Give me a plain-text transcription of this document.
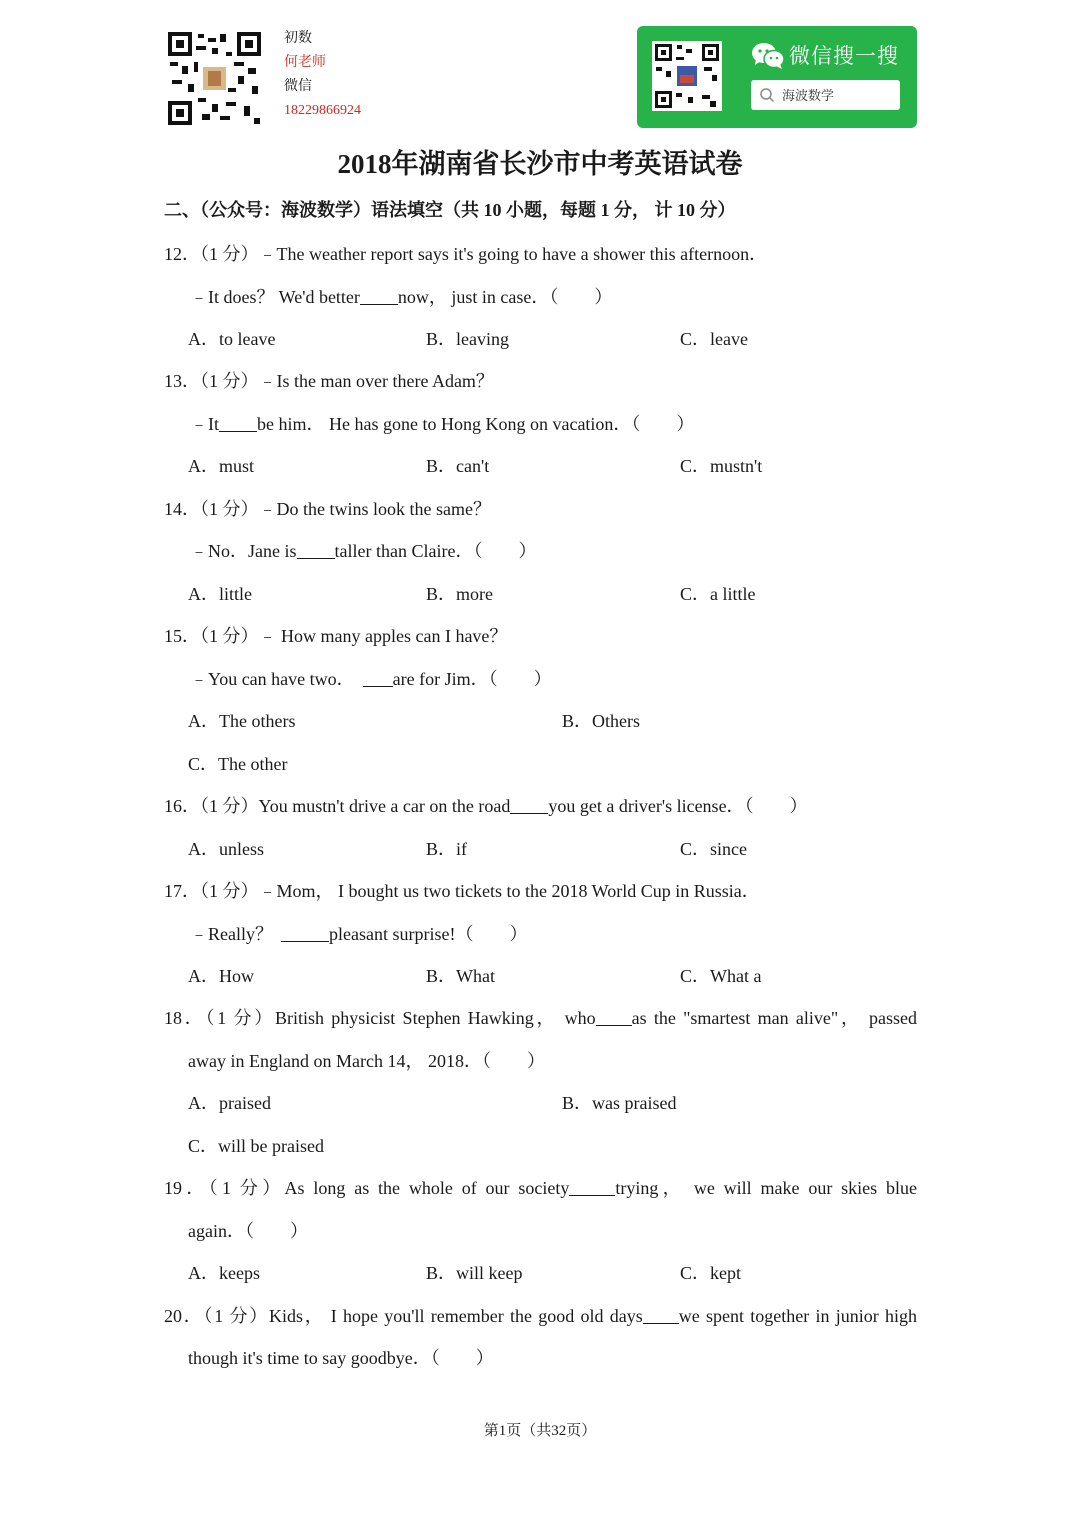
初数
何老师
微信
18229866924
微信搜一搜
海波数学
2018年湖南省长沙市中考英语试卷
二、（公众号：海波数学）语法填空（共 10 小题，每题 1 分， 计 10 分）
12．（1 分）﹣The weather report says it's going to have a shower this afternoon．
﹣It does？ We'd better now， just in case．（　　）
A．to leave	B．leaving	C．leave
13．（1 分）﹣Is the man over there Adam？
﹣It be him． He has gone to Hong Kong on vacation．（　　）
A．must	B．can't	C．mustn't
14．（1 分）﹣Do the twins look the same？
﹣No．Jane is taller than Claire．（　　）
A．little	B．more	C．a little
15．（1 分）﹣ How many apples can I have？
﹣You can have two． are for Jim．（　　）
A．The others	B．Others
C．The other
16．（1 分）You mustn't drive a car on the road you get a driver's license．（　　）
A．unless	B．if	C．since
17．（1 分）﹣Mom， I bought us two tickets to the 2018 World Cup in Russia．
﹣Really？	pleasant surprise!（　　）
A．How	B．What	C．What a
18．（1 分）British physicist Stephen Hawking， who as the "smartest man alive"， passed
away in England on March 14， 2018．（　　）
A．praised	B．was praised
C．will be praised
19．（1 分）As long as the whole of our society	trying， we will make our skies blue
again．（　　）
A．keeps	B．will keep	C．kept
20．（1 分）Kids， I hope you'll remember the good old days we spent together in junior high
though it's time to say goodbye．（　　）
第1页（共32页）
